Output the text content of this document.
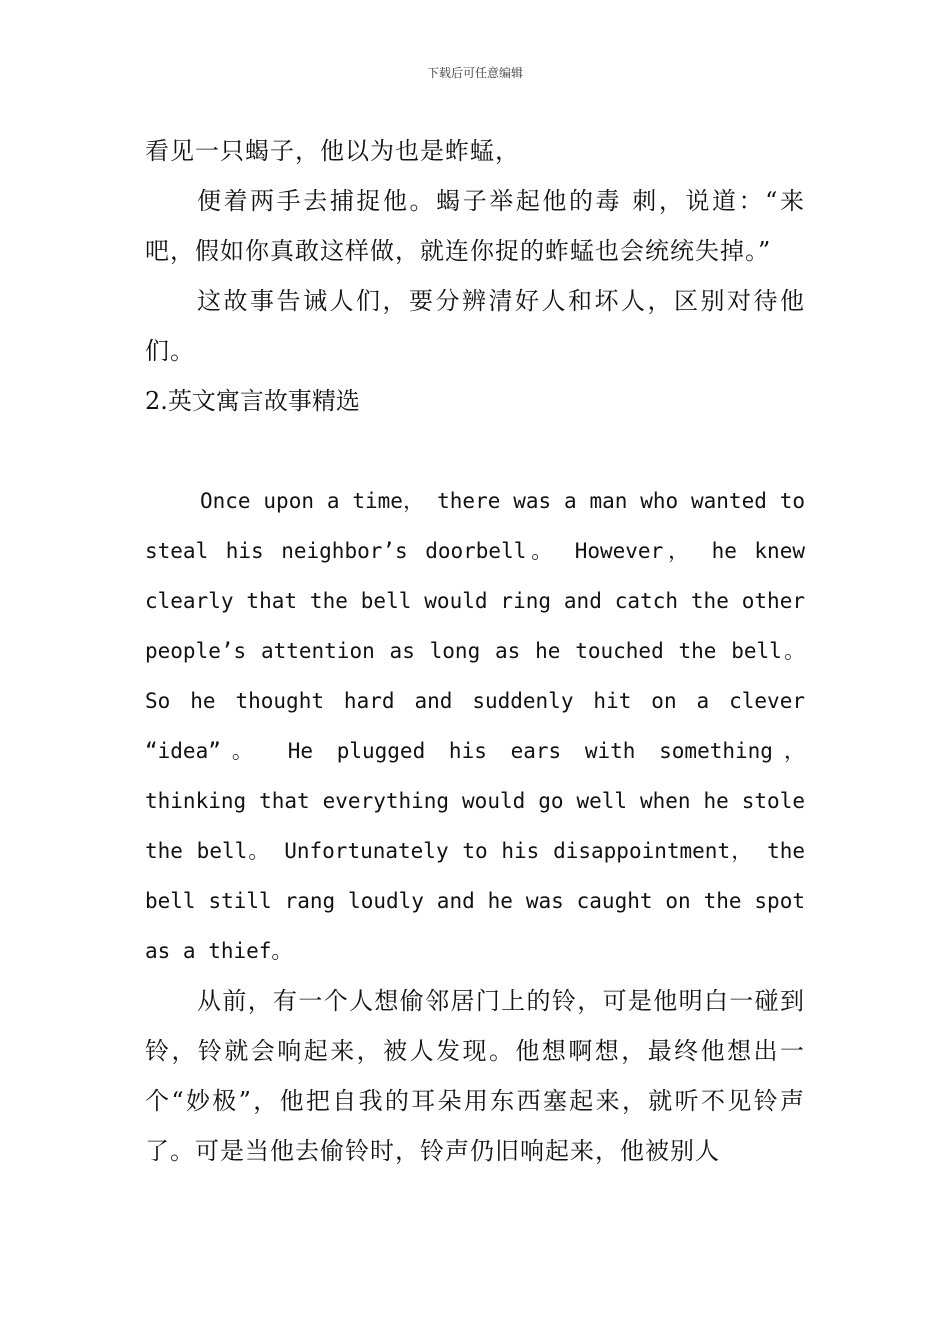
下载后可任意编辑

看见一只蝎子，他以为也是蚱蜢，

便着两手去捕捉他。蝎子举起他的毒 刺，说道：“来吧，假如你真敢这样做，就连你捉的蚱蜢也会统统失掉。”

这故事告诫人们，要分辨清好人和坏人，区别对待他们。

2.英文寓言故事精选

Once upon a time， there was a man who wanted to steal his neighbor’s doorbell。 However， he knew clearly that the bell would ring and catch the other people’s attention as long as he touched the bell。 So he thought hard and suddenly hit on a clever “idea”。 He plugged his ears with something， thinking that everything would go well when he stole the bell。 Unfortunately to his disappointment， the bell still rang loudly and he was caught on the spot as a thief。

从前，有一个人想偷邻居门上的铃，可是他明白一碰到铃，铃就会响起来，被人发现。他想啊想，最终他想出一个“妙极”，他把自我的耳朵用东西塞起来，就听不见铃声了。可是当他去偷铃时，铃声仍旧响起来，他被别人
